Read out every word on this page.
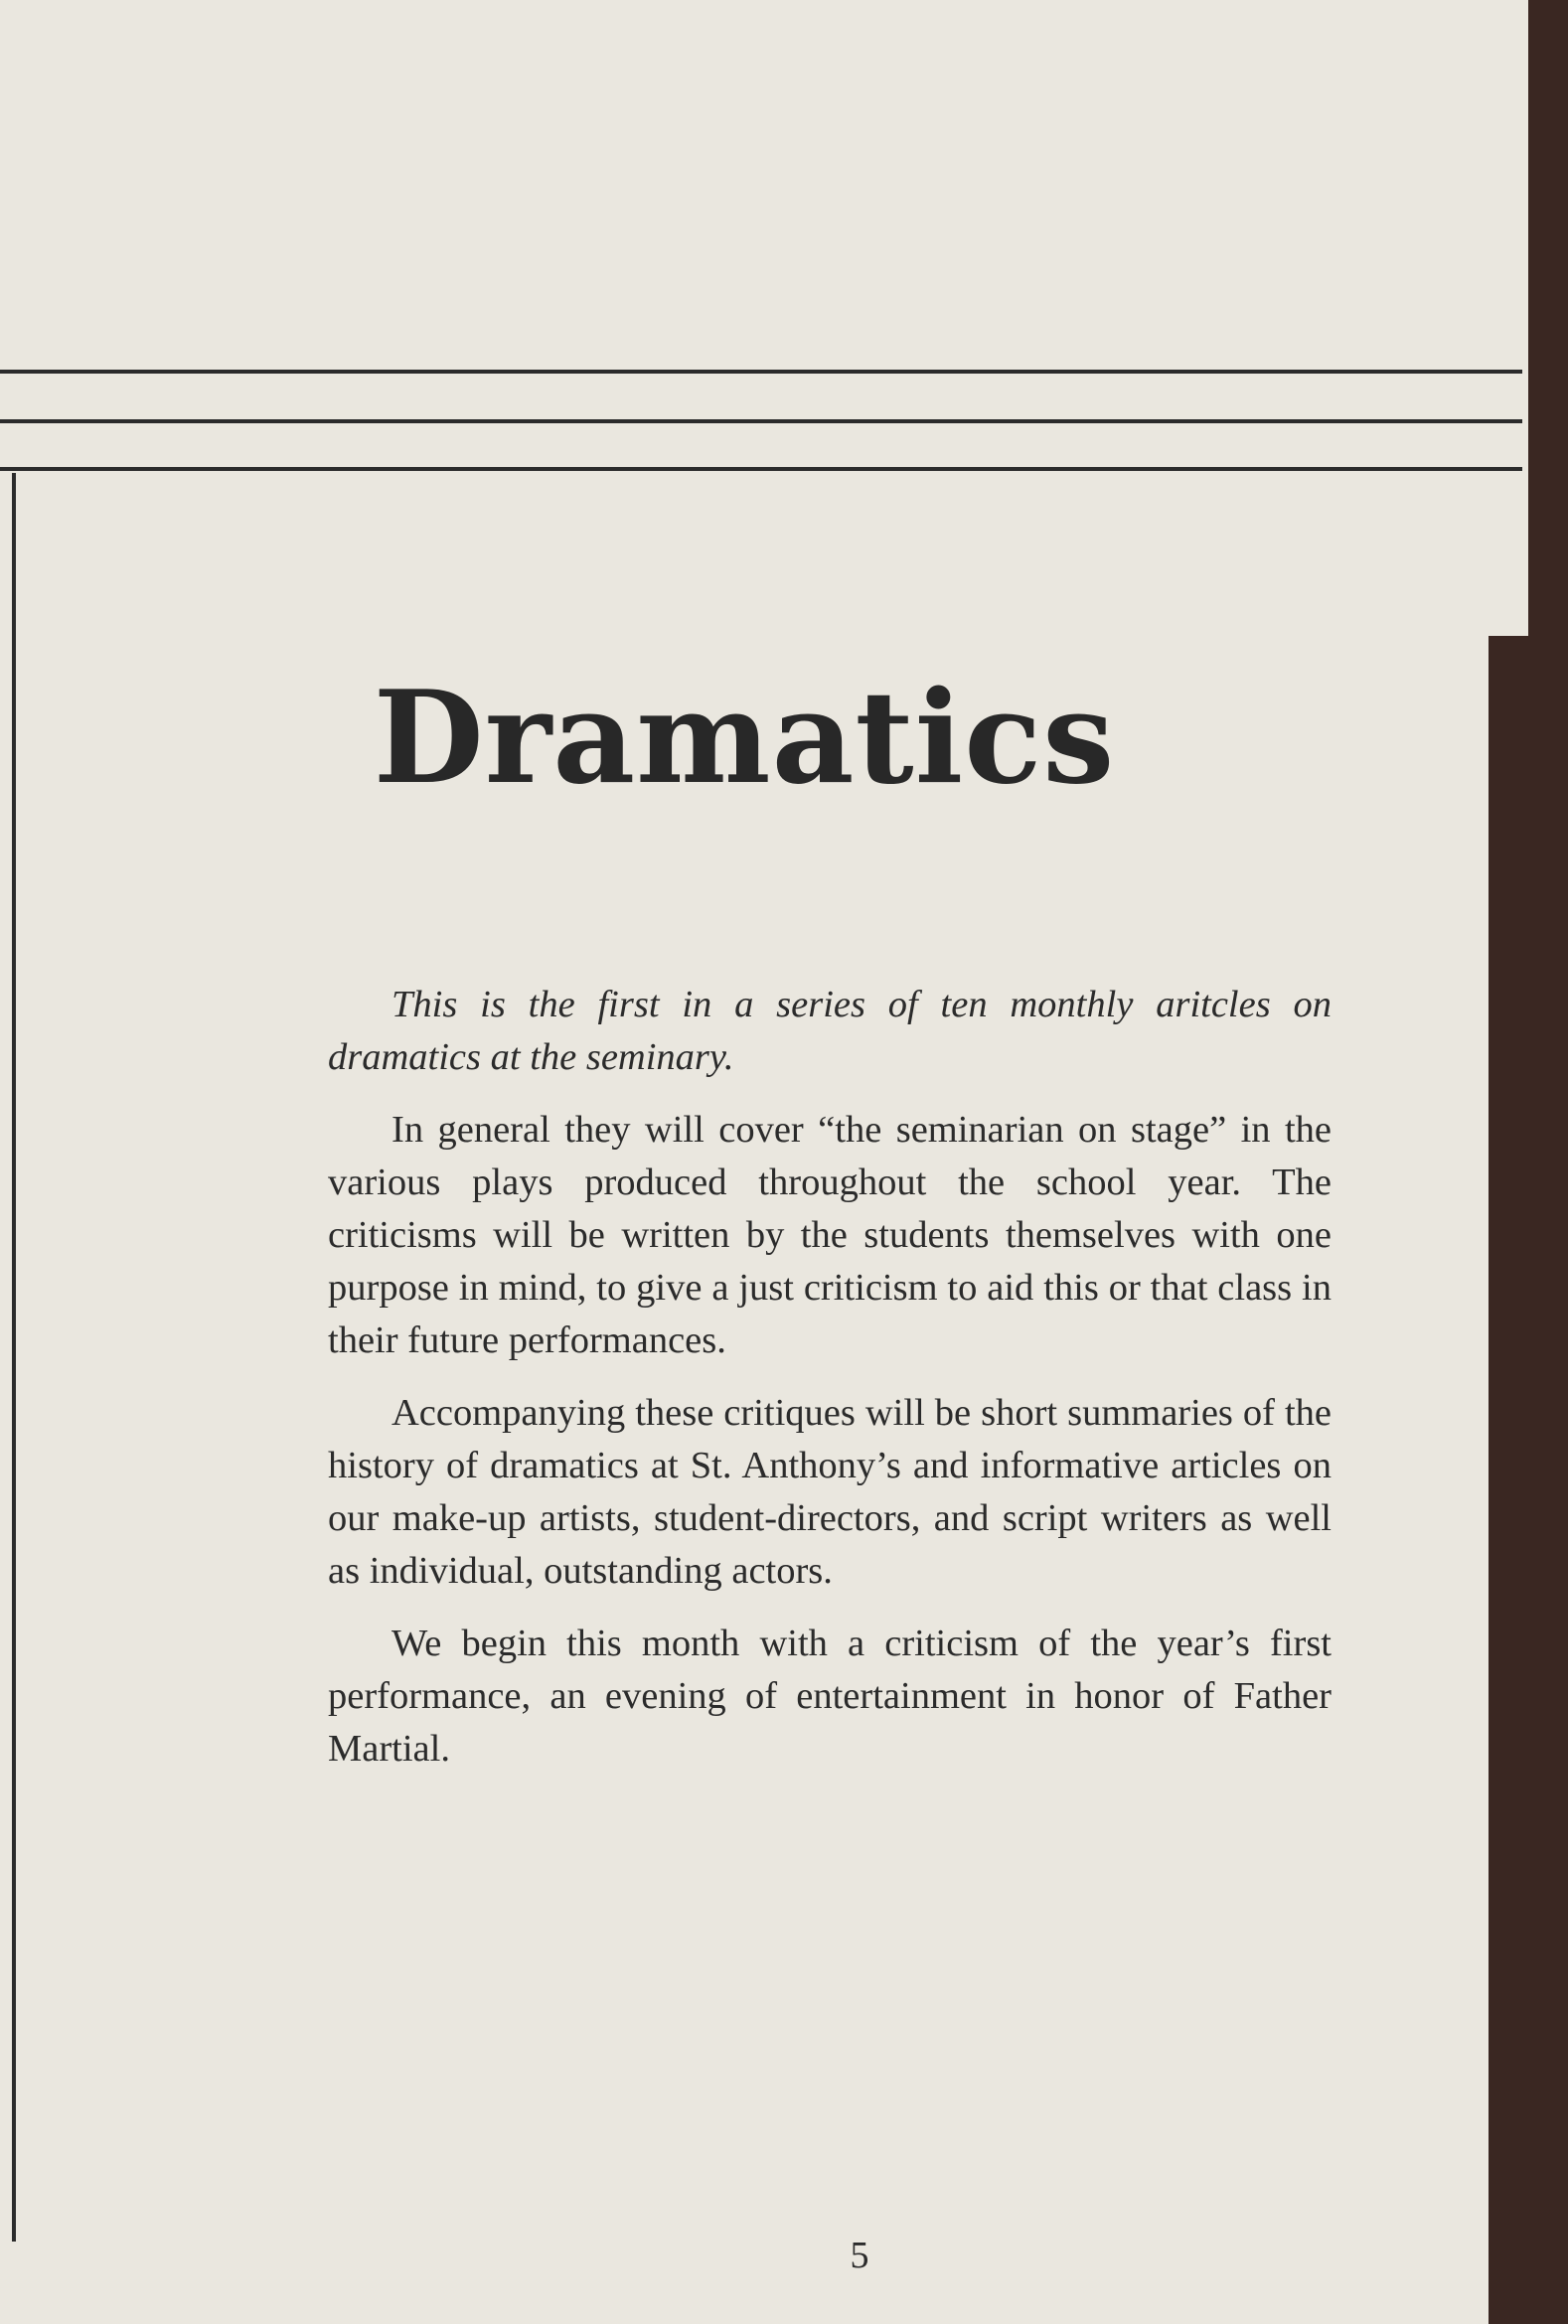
Dramatics

This is the first in a series of ten monthly aritcles on dramatics at the seminary.

In general they will cover “the seminarian on stage” in the various plays produced throughout the school year. The criticisms will be written by the students themselves with one purpose in mind, to give a just criticism to aid this or that class in their future performances.

Accompanying these critiques will be short summaries of the history of dramatics at St. Anthony’s and informative articles on our make-up artists, student-directors, and script writers as well as individual, outstanding actors.

We begin this month with a criticism of the year’s first performance, an evening of entertainment in honor of Father Martial.

5
